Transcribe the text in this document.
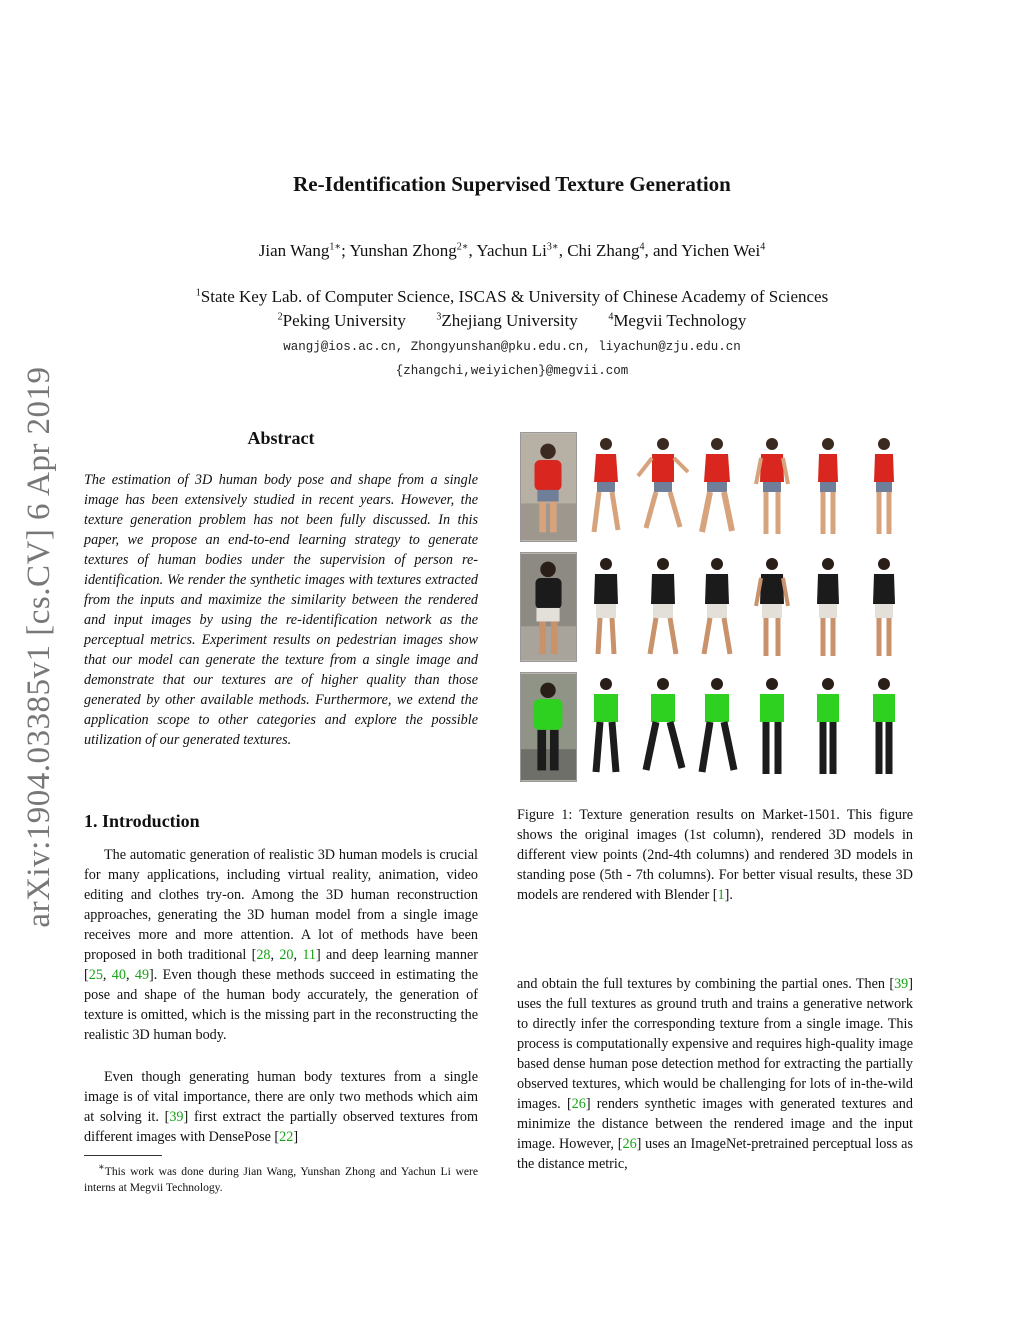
arXiv:1904.03385v1 [cs.CV] 6 Apr 2019
Re-Identification Supervised Texture Generation
Jian Wang$^{1∗}$; Yunshan Zhong$^{2∗}$, Yachun $Li^{3∗}$, Chi Zhang$^4$, and Yichen Wei$^4$
$^1$State Key Lab. of Computer Science, ISCAS & University of Chinese Academy of Sciences
$^2$Peking University	$^3$Zhejiang University	$^4$Megvii Technology
wangj@ios.ac.cn, Zhongyunshan@pku.edu.cn, liyachun@zju.edu.cn
{zhangchi,weiyichen}@megvii.com
Abstract
The estimation of 3D human body pose and shape from a single image has been extensively studied in recent years. However, the texture generation problem has not been fully discussed. In this paper, we propose an end-to-end learning strategy to generate textures of human bodies under the supervision of person re-identification. We render the synthetic images with textures extracted from the inputs and maximize the similarity between the rendered and input images by using the re-identification network as the perceptual metrics. Experiment results on pedestrian images show that our model can generate the texture from a single image and demonstrate that our textures are of higher quality than those generated by other available methods. Furthermore, we extend the application scope to other categories and explore the possible utilization of our generated textures.
1. Introduction
The automatic generation of realistic 3D human models is crucial for many applications, including virtual reality, animation, video editing and clothes try-on. Among the 3D human reconstruction approaches, generating the 3D human model from a single image receives more and more attention. A lot of methods have been proposed in both traditional [28, 20, 11] and deep learning manner [25, 40, 49]. Even though these methods succeed in estimating the pose and shape of the human body accurately, the generation of texture is omitted, which is the missing part in the reconstructing the realistic 3D human body.
Even though generating human body textures from a single image is of vital importance, there are only two methods which aim at solving it. [39] first extract the partially observed textures from different images with DensePose [22]
∗This work was done during Jian Wang, Yunshan Zhong and Yachun Li were interns at Megvii Technology.
Figure 1: Texture generation results on Market-1501. This figure shows the original images (1st column), rendered 3D models in different view points (2nd-4th columns) and rendered 3D models in standing pose (5th - 7th columns). For better visual results, these 3D models are rendered with Blender [1].
and obtain the full textures by combining the partial ones. Then [39] uses the full textures as ground truth and trains a generative network to directly infer the corresponding texture from a single image. This process is computationally expensive and requires high-quality image based dense human pose detection method for extracting the partially observed textures, which would be challenging for lots of in-the-wild images. [26] renders synthetic images with generated textures and minimize the distance between the rendered image and the input image. However, [26] uses an ImageNet-pretrained perceptual loss as the distance metric,
